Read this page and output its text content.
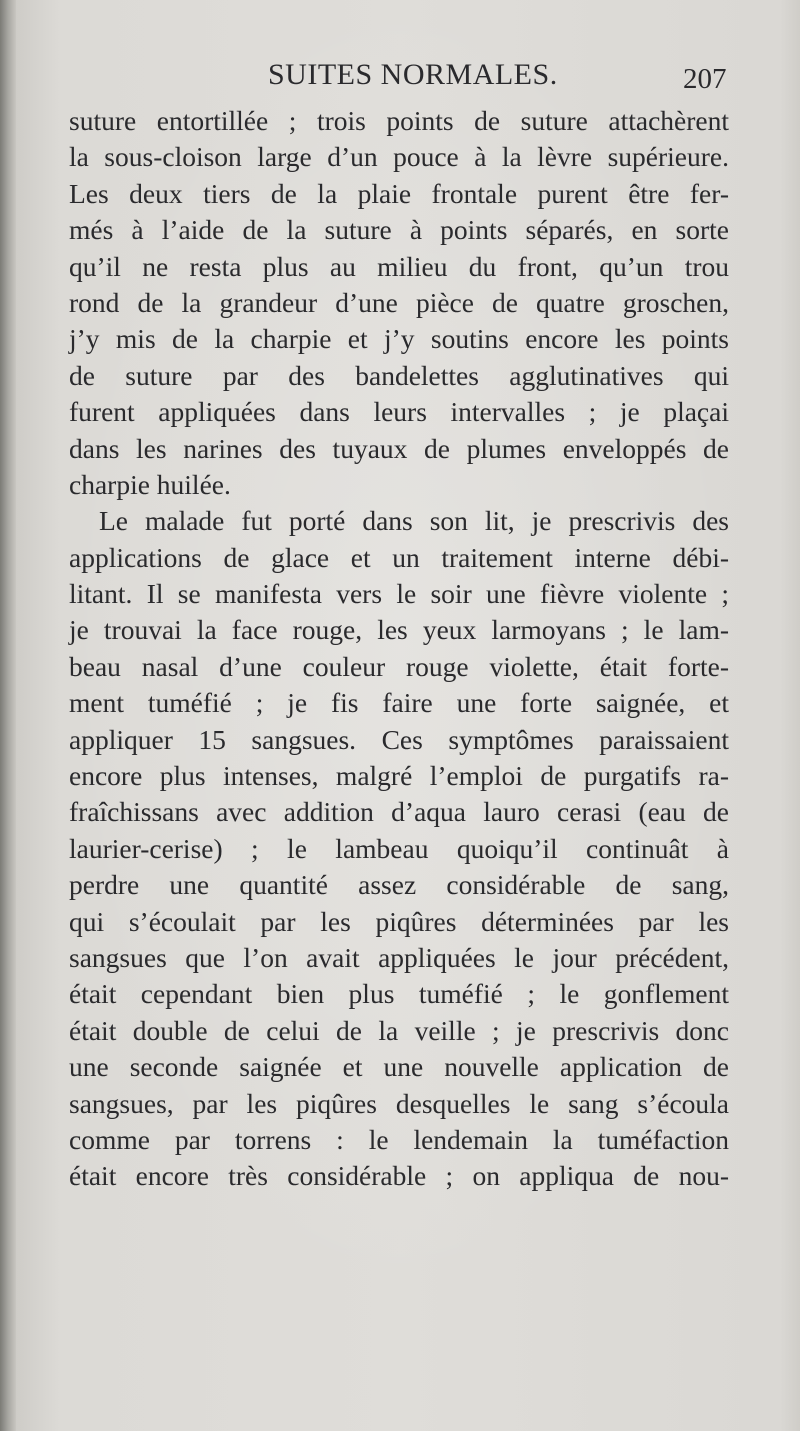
SUITES NORMALES.	207
suture entortillée ; trois points de suture attachèrent
la sous-cloison large d’un pouce à la lèvre supérieure.
Les deux tiers de la plaie frontale purent être fer-
més à l’aide de la suture à points séparés, en sorte
qu’il ne resta plus au milieu du front, qu’un trou
rond de la grandeur d’une pièce de quatre groschen,
j’y mis de la charpie et j’y soutins encore les points
de suture par des bandelettes agglutinatives qui
furent appliquées dans leurs intervalles ; je plaçai
dans les narines des tuyaux de plumes enveloppés de
charpie huilée.
Le malade fut porté dans son lit, je prescrivis des
applications de glace et un traitement interne débi-
litant. Il se manifesta vers le soir une fièvre violente ;
je trouvai la face rouge, les yeux larmoyans ; le lam-
beau nasal d’une couleur rouge violette, était forte-
ment tuméfié ; je fis faire une forte saignée, et
appliquer 15 sangsues. Ces symptômes paraissaient
encore plus intenses, malgré l’emploi de purgatifs ra-
fraîchissans avec addition d’aqua lauro cerasi (eau de
laurier-cerise) ; le lambeau quoiqu’il continuât à
perdre une quantité assez considérable de sang,
qui s’écoulait par les piqûres déterminées par les
sangsues que l’on avait appliquées le jour précédent,
était cependant bien plus tuméfié ; le gonflement
était double de celui de la veille ; je prescrivis donc
une seconde saignée et une nouvelle application de
sangsues, par les piqûres desquelles le sang s’écoula
comme par torrens : le lendemain la tuméfaction
était encore très considérable ; on appliqua de nou-
